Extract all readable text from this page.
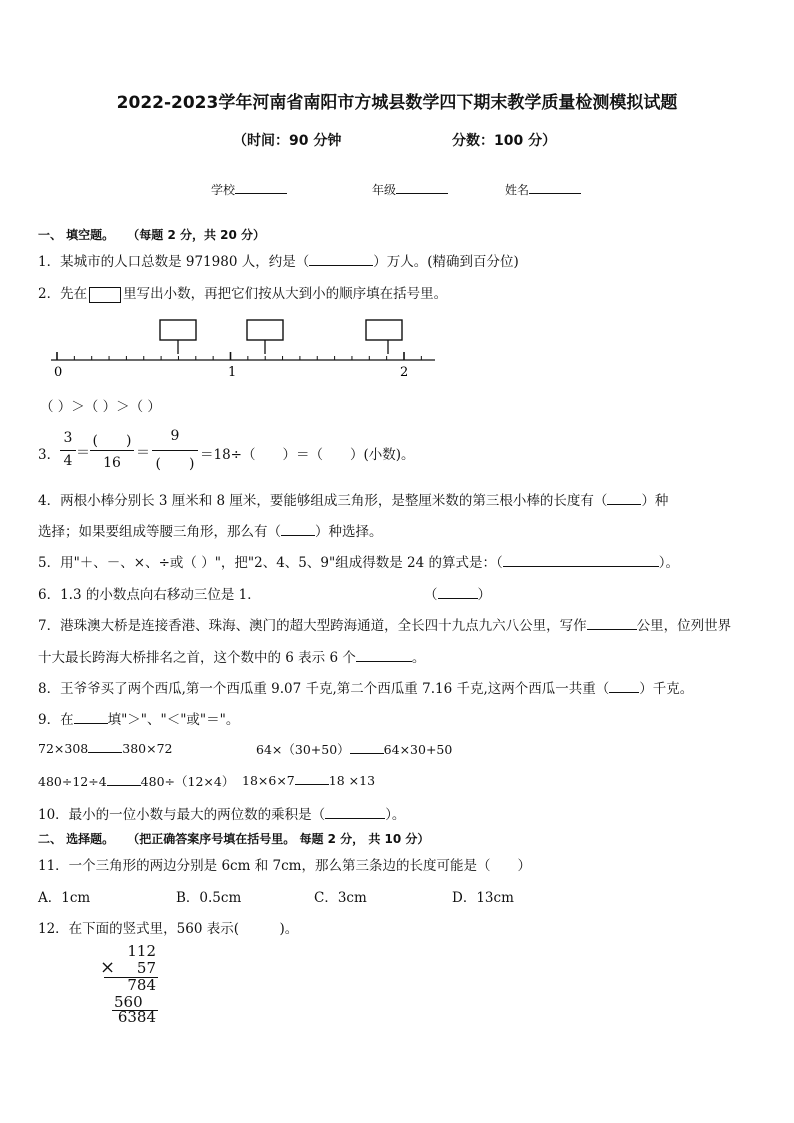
2022-2023学年河南省南阳市方城县数学四下期末教学质量检测模拟试题
（时间：90 分钟	分数：100 分）
学校	年级	姓名
一、 填空题。 （每题 2 分，共 20 分）
1．某城市的人口总数是 971980 人，约是（	）万人。(精确到百分位)
2．先在	里写出小数，再把它们按从大到小的顺序填在括号里。
0	1	2
（ ）＞（ ）＞（ ）
3．
3
4 ＝
(　　)
16
＝
9
(　　)
＝18÷（　　）＝（　　）(小数)。
4．两根小棒分别长 3 厘米和 8 厘米，要能够组成三角形，是整厘米数的第三根小棒的长度有（	）种
选择；如果要组成等腰三角形，那么有（	）种选择。
5．用"＋、－、×、÷或（ ）"，把"2、4、5、9"组成得数是 24 的算式是：（	）。
6．1.3 的小数点向右移动三位是 1．	（	）
7．港珠澳大桥是连接香港、珠海、澳门的超大型跨海通道，全长四十九点九六八公里，写作	公里，位列世界
十大最长跨海大桥排名之首，这个数中的 6 表示 6 个	。
8．王爷爷买了两个西瓜,第一个西瓜重 9.07 千克,第二个西瓜重 7.16 千克,这两个西瓜一共重（ ）千克。
9．在	填"＞"、"＜"或"＝"。
72×308	380×72	64×（30+50）	64×30+50
480÷12÷4	480÷（12×4） 18×6×7	18 ×13
10．最小的一位小数与最大的两位数的乘积是（	）。
二、 选择题。 （把正确答案序号填在括号里。 每题 2 分， 共 10 分）
11．一个三角形的两边分别是 6cm 和 7cm，那么第三条边的长度可能是（　　）
A．1cm	B．0.5cm	C．3cm	D．13cm
12．在下面的竖式里，560 表示(　　　)。
112
×	57
784
560
6384
